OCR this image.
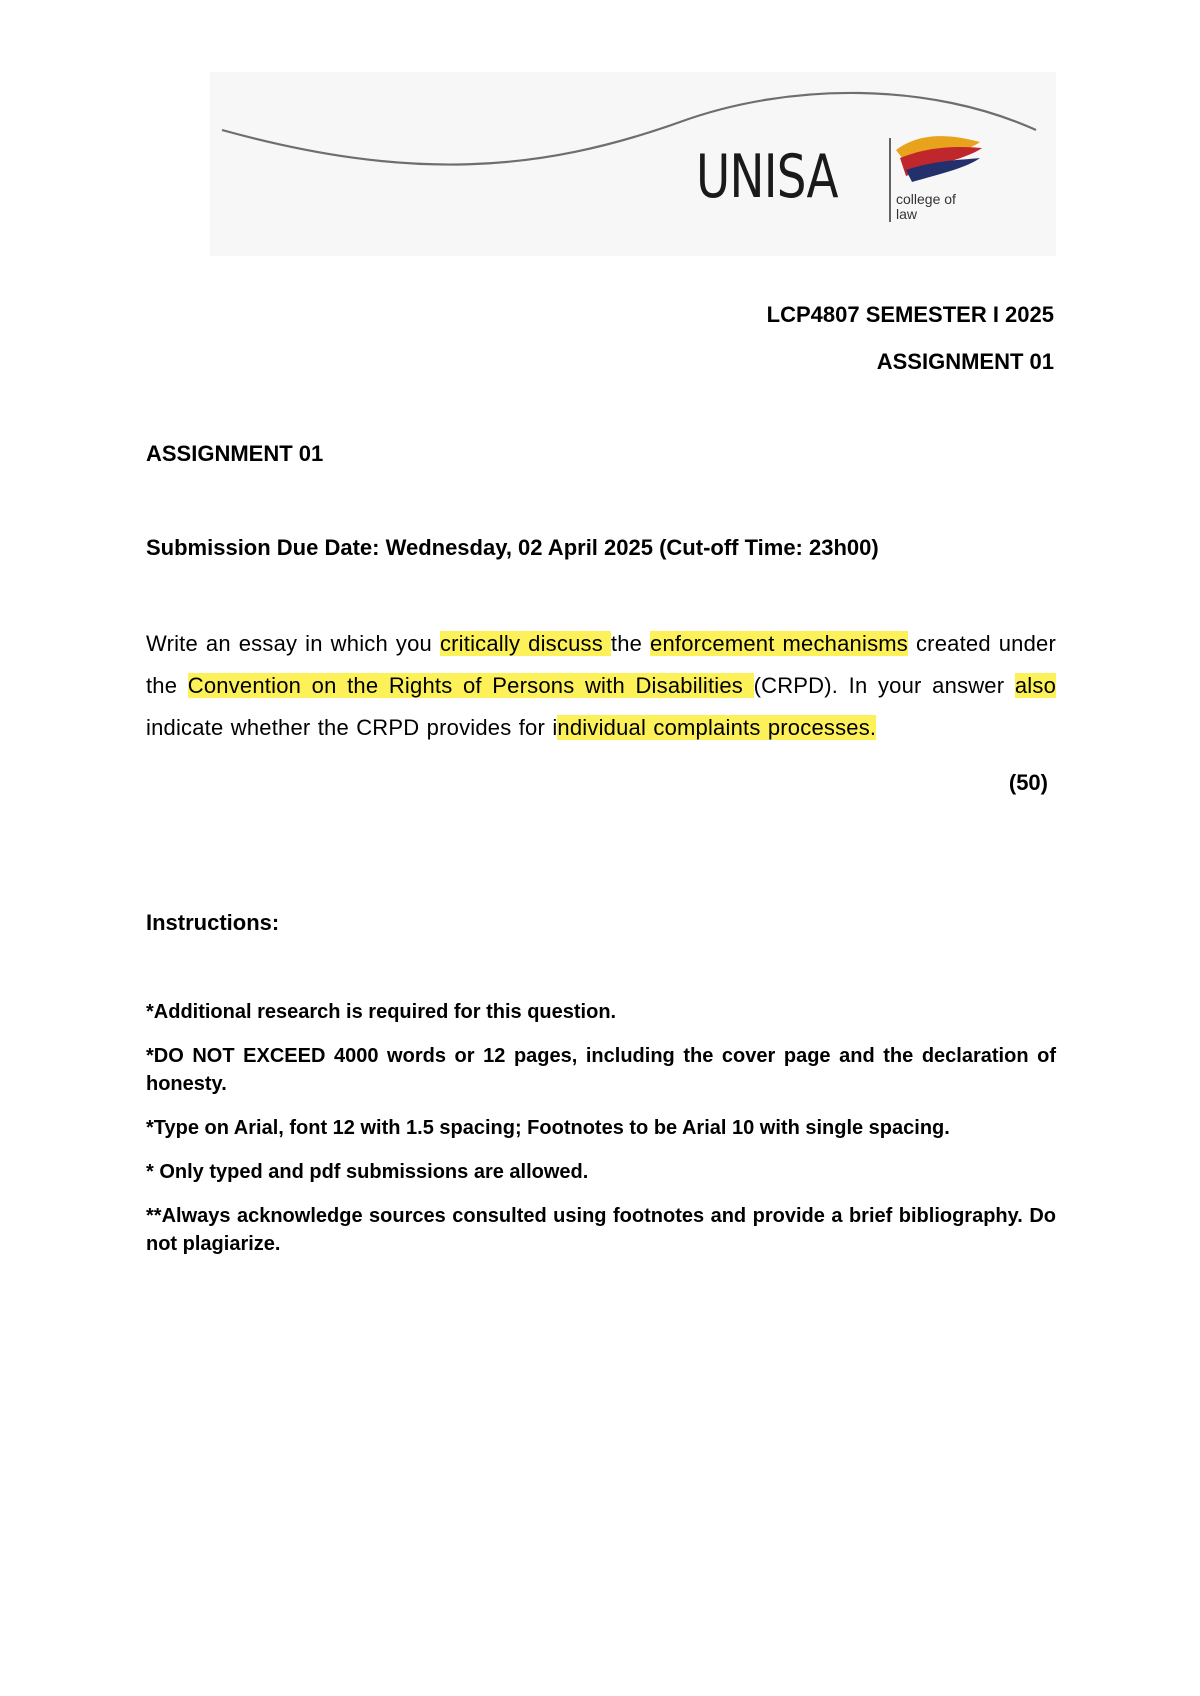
UNISA	college of law
LCP4807 SEMESTER I 2025
ASSIGNMENT 01
ASSIGNMENT 01
Submission Due Date: Wednesday, 02 April 2025 (Cut-off Time: 23h00)
Write an essay in which you critically discuss the enforcement mechanisms created under the Convention on the Rights of Persons with Disabilities (CRPD). In your answer also indicate whether the CRPD provides for individual complaints processes.
(50)
Instructions:
*Additional research is required for this question.
*DO NOT EXCEED 4000 words or 12 pages, including the cover page and the declaration of honesty.
*Type on Arial, font 12 with 1.5 spacing; Footnotes to be Arial 10 with single spacing.
* Only typed and pdf submissions are allowed.
**Always acknowledge sources consulted using footnotes and provide a brief bibliography. Do not plagiarize.
